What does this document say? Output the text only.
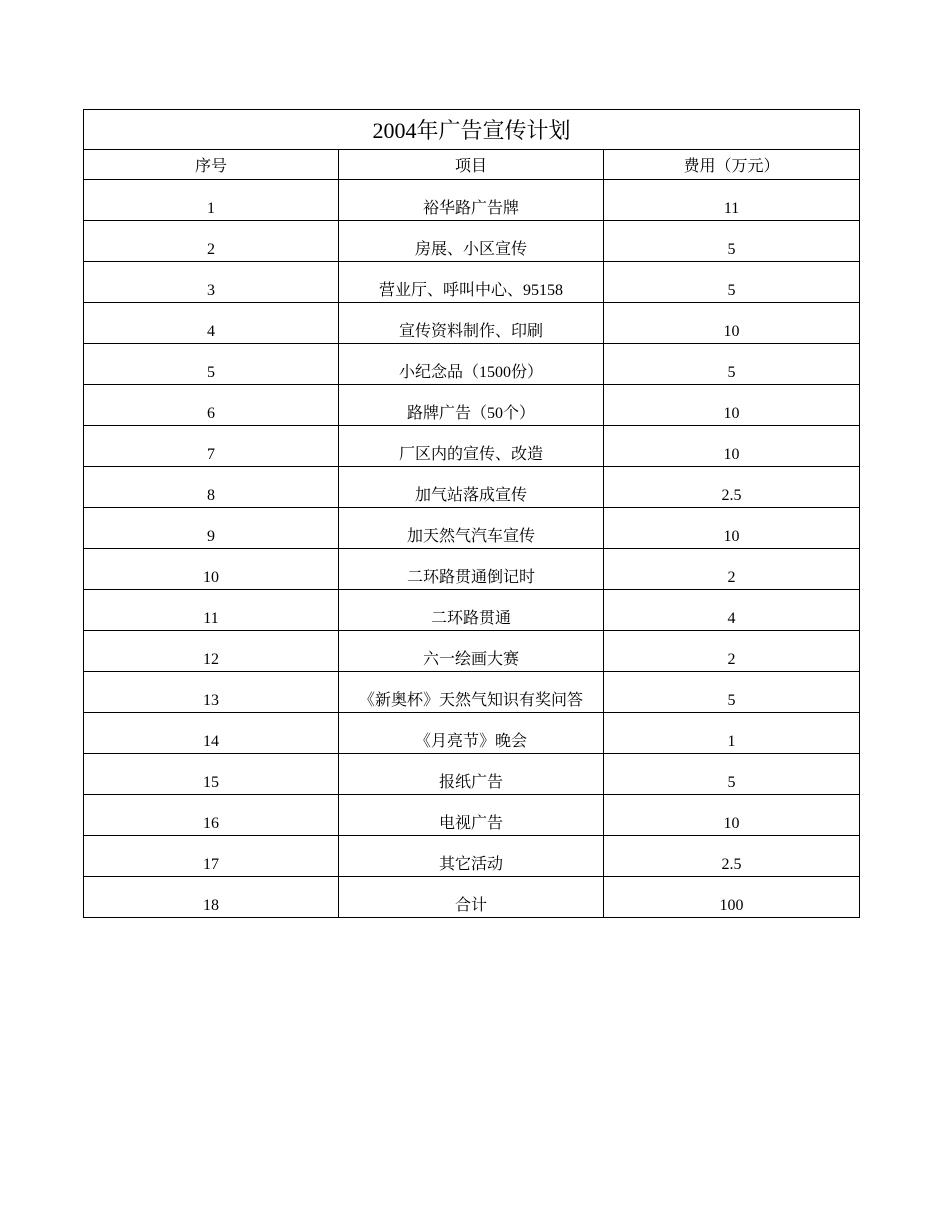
2004年广告宣传计划		
序号	项目	费用（万元）
1	裕华路广告牌	11
2	房展、小区宣传	5
3	营业厅、呼叫中心、95158	5
4	宣传资料制作、印刷	10
5	小纪念品（1500份）	5
6	路牌广告（50个）	10
7	厂区内的宣传、改造	10
8	加气站落成宣传	2.5
9	加天然气汽车宣传	10
10	二环路贯通倒记时	2
11	二环路贯通	4
12	六一绘画大赛	2
13	《新奥杯》天然气知识有奖问答	5
14	《月亮节》晚会	1
15	报纸广告	5
16	电视广告	10
17	其它活动	2.5
18	合计	100
